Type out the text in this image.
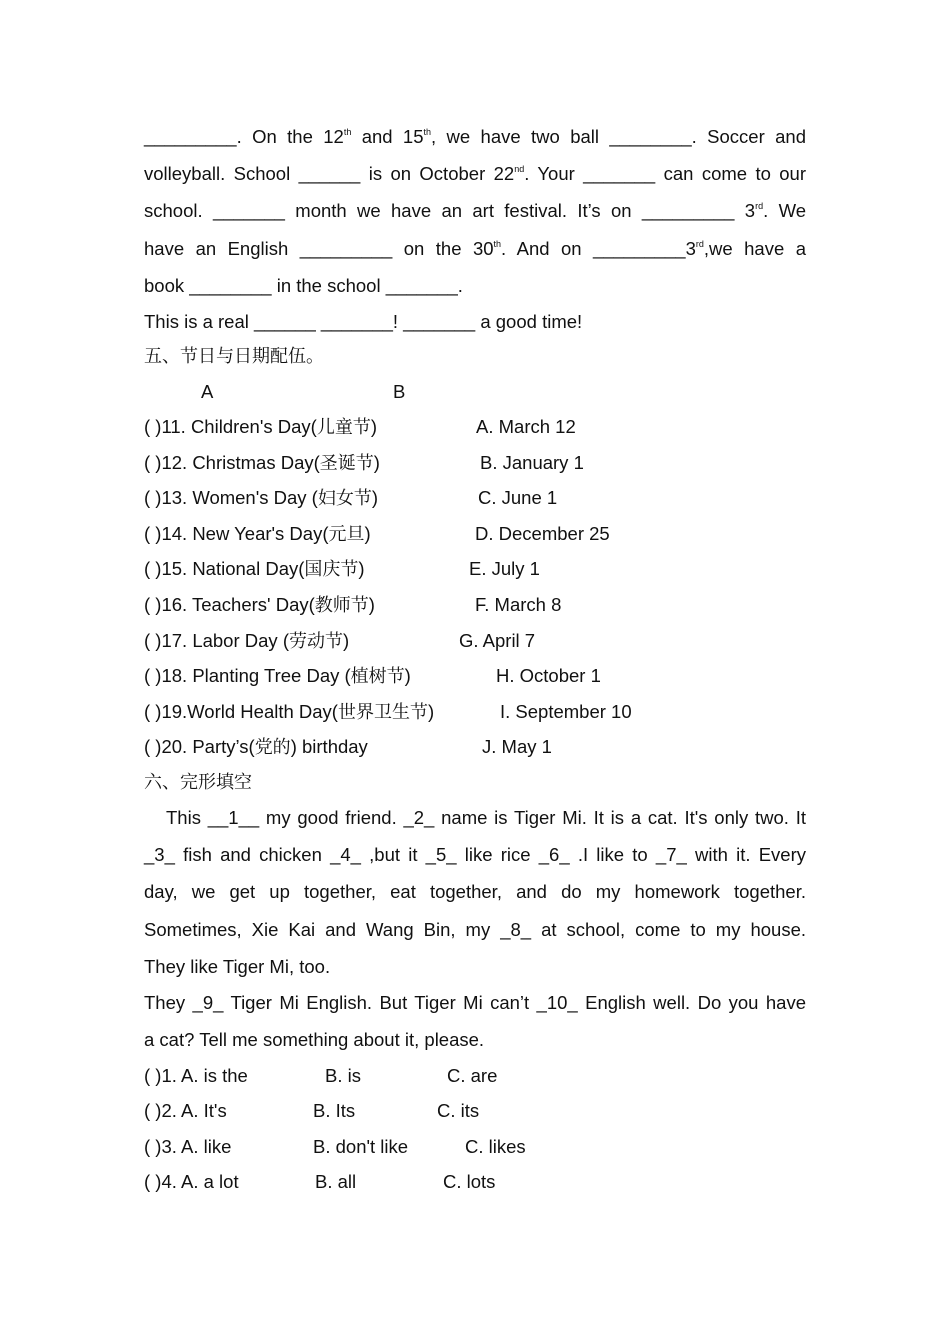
_________. On the 12th and 15th, we have two ball ________. Soccer and
volleyball. School ______ is on October 22nd. Your _______ can come to our
school. _______ month we have an art festival. It’s on _________ 3rd. We
have an English _________ on the 30th. And on _________3rd,we have a
book ________ in the school _______.
This is a real ______ _______! _______ a good time!
五、节日与日期配伍。
A	B
( )11. Children's Day(儿童节)	A. March 12
( )12. Christmas Day(圣诞节)	B. January 1
( )13. Women's Day (妇女节)	C. June 1
( )14. New Year's Day(元旦)	D. December 25
( )15. National Day(国庆节)	E. July 1
( )16. Teachers' Day(教师节)	F. March 8
( )17. Labor Day (劳动节)	G. April 7
( )18. Planting Tree Day (植树节)	H. October 1
( )19.World Health Day(世界卫生节)	I. September 10
( )20. Party’s(党的) birthday	J. May 1
六、完形填空
This __1__ my good friend. _2_ name is Tiger Mi. It is a cat. It's only two. It
_3_ fish and chicken _4_ ,but it _5_ like rice _6_ .I like to _7_ with it. Every
day, we get up together, eat together, and do my homework together.
Sometimes, Xie Kai and Wang Bin, my _8_ at school, come to my house.
They like Tiger Mi, too.
They _9_ Tiger Mi English. But Tiger Mi can’t _10_ English well. Do you have
a cat? Tell me something about it, please.
( )1. A. is the	B. is	C. are
( )2. A. It's	B. Its	C. its
( )3. A. like	B. don't like	C. likes
( )4. A. a lot	B. all	C. lots
